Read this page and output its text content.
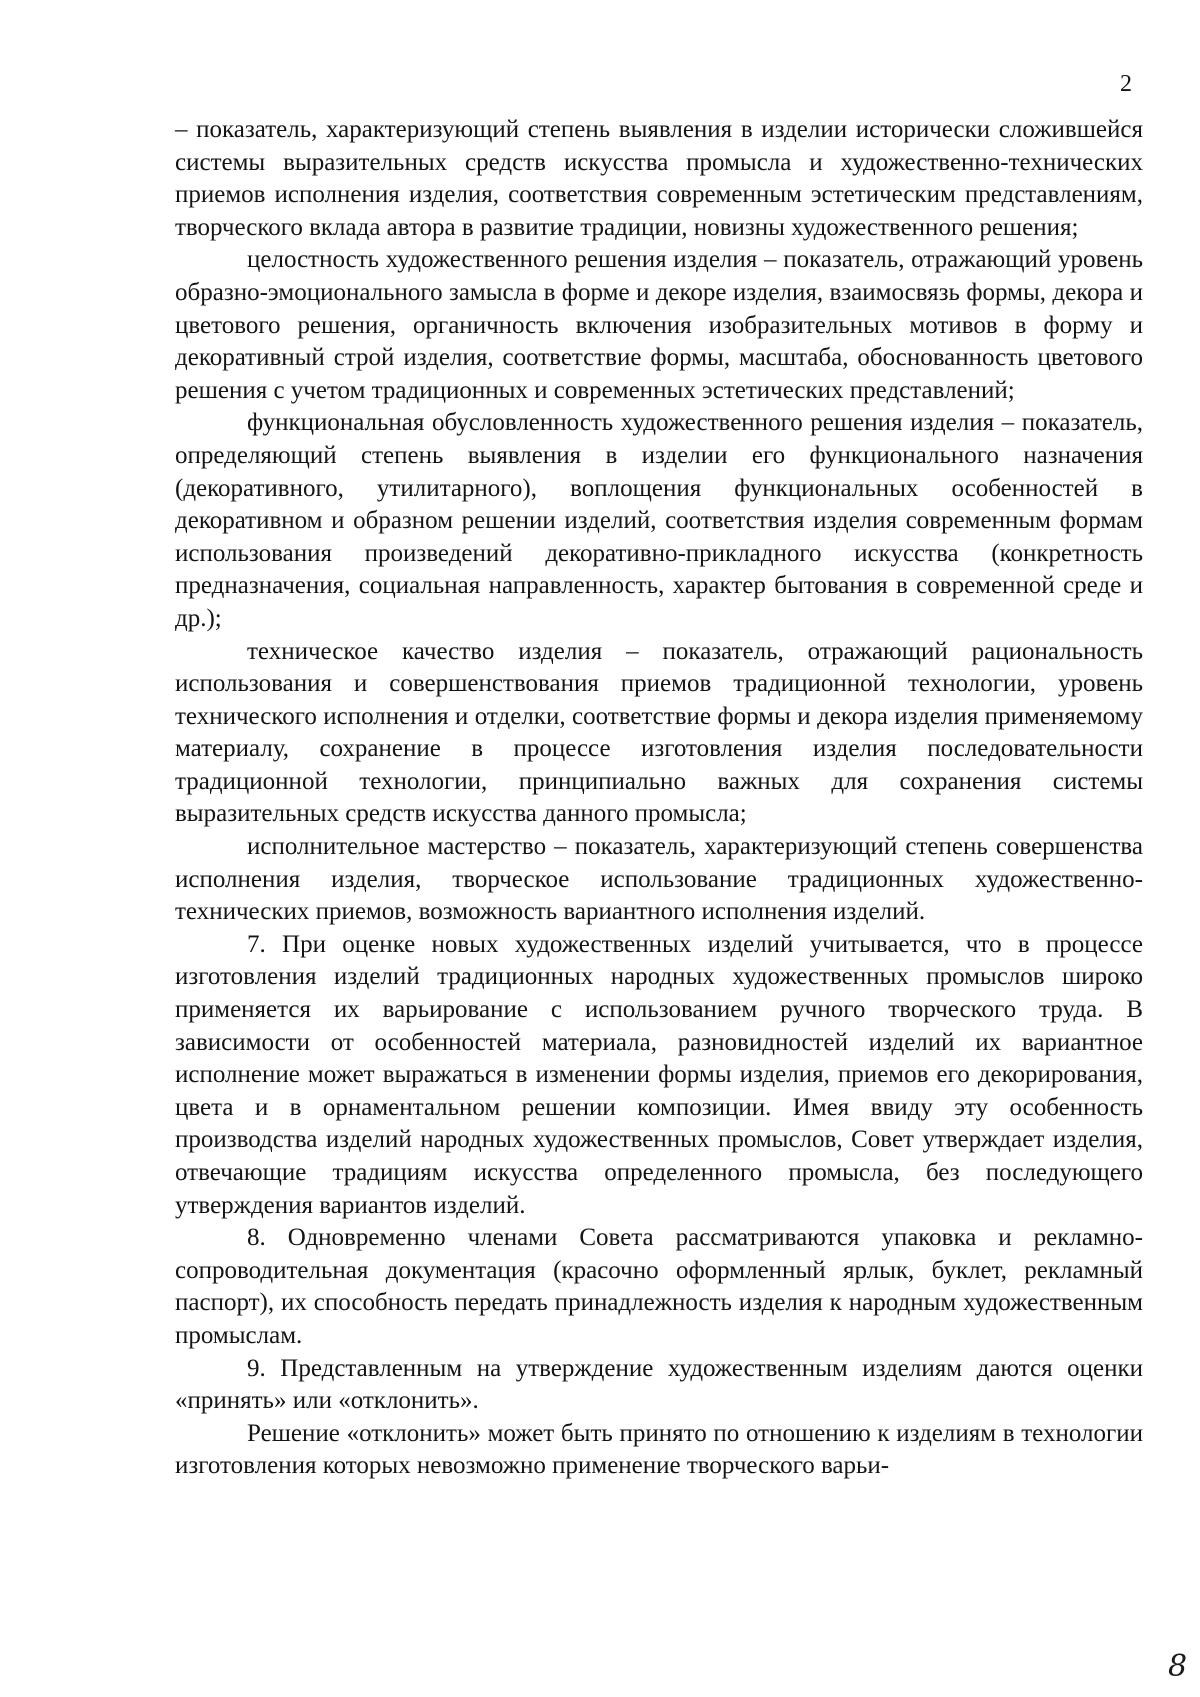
2

– показатель, характеризующий степень выявления в изделии исторически сложившейся системы выразительных средств искусства промысла и художественно-технических приемов исполнения изделия, соответствия современным эстетическим представлениям, творческого вклада автора в развитие традиции, новизны художественного решения;

целостность художественного решения изделия – показатель, отражающий уровень образно-эмоционального замысла в форме и декоре изделия, взаимосвязь формы, декора и цветового решения, органичность включения изобразительных мотивов в форму и декоративный строй изделия, соответствие формы, масштаба, обоснованность цветового решения с учетом традиционных и современных эстетических представлений;

функциональная обусловленность художественного решения изделия – показатель, определяющий степень выявления в изделии его функционального назначения (декоративного, утилитарного), воплощения функциональных особенностей в декоративном и образном решении изделий, соответствия изделия современным формам использования произведений декоративно-прикладного искусства (конкретность предназначения, социальная направленность, характер бытования в современной среде и др.);

техническое качество изделия – показатель, отражающий рациональность использования и совершенствования приемов традиционной технологии, уровень технического исполнения и отделки, соответствие формы и декора изделия применяемому материалу, сохранение в процессе изготовления изделия последовательности традиционной технологии, принципиально важных для сохранения системы выразительных средств искусства данного промысла;

исполнительное мастерство – показатель, характеризующий степень совершенства исполнения изделия, творческое использование традиционных художественно-технических приемов, возможность вариантного исполнения изделий.

7. При оценке новых художественных изделий учитывается, что в процессе изготовления изделий традиционных народных художественных промыслов широко применяется их варьирование с использованием ручного творческого труда. В зависимости от особенностей материала, разновидностей изделий их вариантное исполнение может выражаться в изменении формы изделия, приемов его декорирования, цвета и в орнаментальном решении композиции. Имея ввиду эту особенность производства изделий народных художественных промыслов, Совет утверждает изделия, отвечающие традициям искусства определенного промысла, без последующего утверждения вариантов изделий.

8. Одновременно членами Совета рассматриваются упаковка и рекламно-сопроводительная документация (красочно оформленный ярлык, буклет, рекламный паспорт), их способность передать принадлежность изделия к народным художественным промыслам.

9. Представленным на утверждение художественным изделиям даются оценки «принять» или «отклонить».

Решение «отклонить» может быть принято по отношению к изделиям в технологии изготовления которых невозможно применение творческого варьи-

8
